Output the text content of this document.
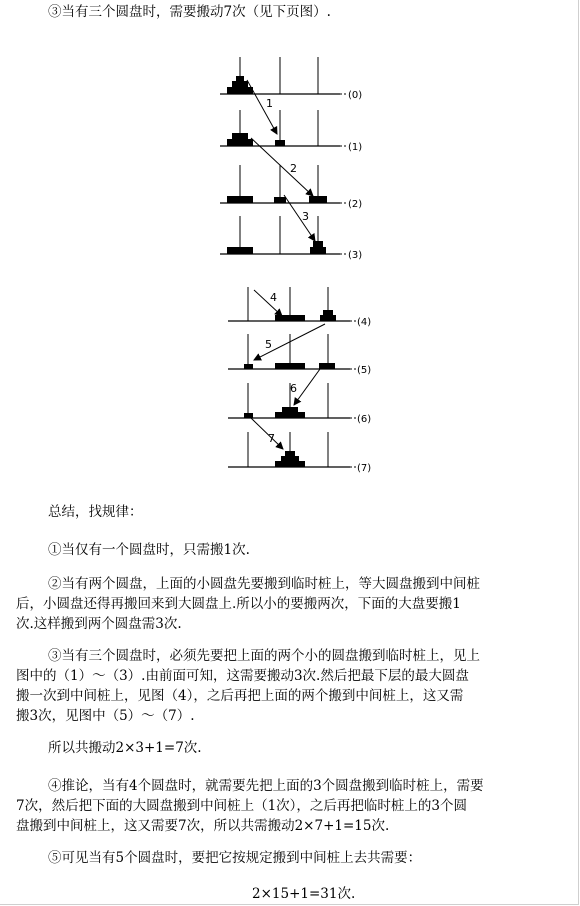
③当有三个圆盘时，需要搬动7次（见下页图）.
1
(0)
2
(1)
3
(2)
(3)
4
(4)
5
(5)
6
(6)
7
(7)
总结，找规律：
①当仅有一个圆盘时，只需搬1次.
②当有两个圆盘，上面的小圆盘先要搬到临时桩上，等大圆盘搬到中间桩
后，小圆盘还得再搬回来到大圆盘上.所以小的要搬两次，下面的大盘要搬1
次.这样搬到两个圆盘需3次.
③当有三个圆盘时，必须先要把上面的两个小的圆盘搬到临时桩上，见上
图中的（1）～（3）.由前面可知，这需要搬动3次.然后把最下层的最大圆盘
搬一次到中间桩上，见图（4），之后再把上面的两个搬到中间桩上，这又需
搬3次，见图中（5）～（7）.
所以共搬动2×3+1=7次.
④推论，当有4个圆盘时，就需要先把上面的3个圆盘搬到临时桩上，需要
7次，然后把下面的大圆盘搬到中间桩上（1次），之后再把临时桩上的3个圆
盘搬到中间桩上，这又需要7次，所以共需搬动2×7+1=15次.
⑤可见当有5个圆盘时，要把它按规定搬到中间桩上去共需要：
2×15+1=31次.
